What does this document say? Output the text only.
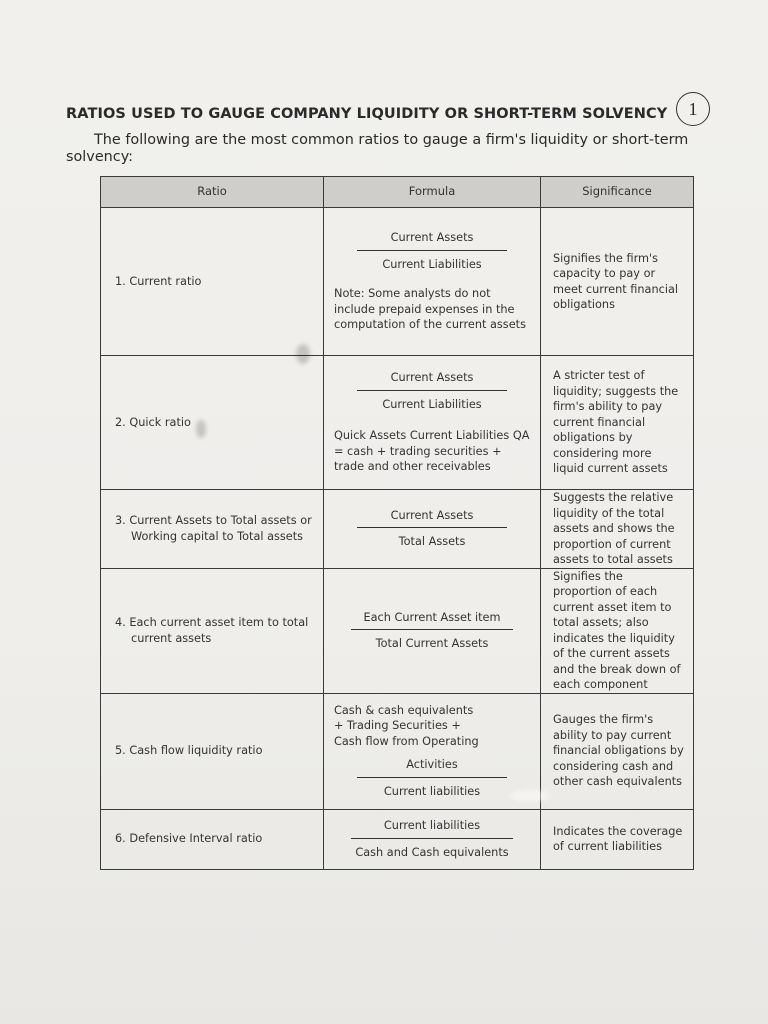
1
RATIOS USED TO GAUGE COMPANY LIQUIDITY OR SHORT-TERM SOLVENCY
The following are the most common ratios to gauge a firm's liquidity or short-term
solvency:
Ratio	Formula	Significance

1. Current ratio	Current Assets
Current Liabilities
Note: Some analysts do not include prepaid expenses in the computation of the current assets	Signifies the firm's capacity to pay or meet current financial obligations

2. Quick ratio	Current Assets
Current Liabilities
Quick Assets Current Liabilities QA = cash + trading securities + trade and other receivables	A stricter test of liquidity; suggests the firm's ability to pay current financial obligations by considering more liquid current assets

3. Current Assets to Total assets or Working capital to Total assets	Current Assets
Total Assets	Suggests the relative liquidity of the total assets and shows the proportion of current assets to total assets

4. Each current asset item to total current assets	Each Current Asset item
Total Current Assets	Signifies the proportion of each current asset item to total assets; also indicates the liquidity of the current assets and the break down of each component

5. Cash flow liquidity ratio	Cash & cash equivalents
+ Trading Securities +
Cash flow from Operating
Activities
Current liabilities	Gauges the firm's ability to pay current financial obligations by considering cash and other cash equivalents

6. Defensive Interval ratio	Current liabilities
Cash and Cash equivalents	Indicates the coverage of current liabilities
